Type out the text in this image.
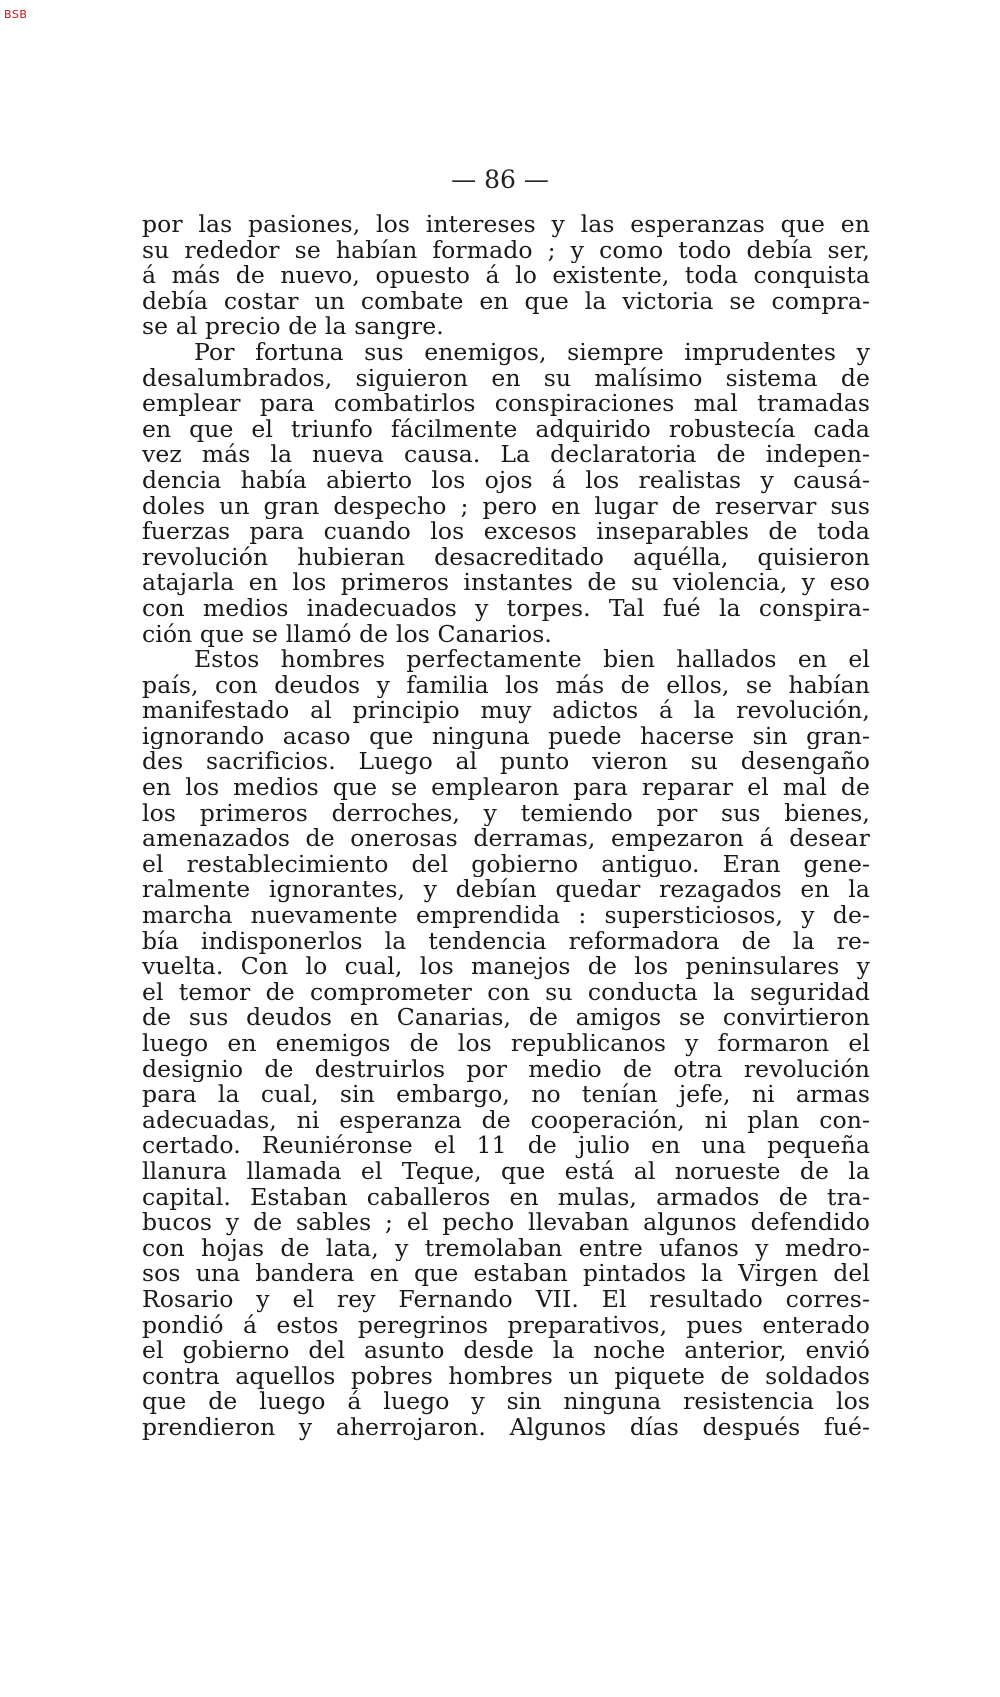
BSB
— 86 —
por las pasiones, los intereses y las esperanzas que en
su rededor se habían formado ; y como todo debía ser,
á más de nuevo, opuesto á lo existente, toda conquista
debía costar un combate en que la victoria se compra-
se al precio de la sangre.
Por fortuna sus enemigos, siempre imprudentes y
desalumbrados, siguieron en su malísimo sistema de
emplear para combatirlos conspiraciones mal tramadas
en que el triunfo fácilmente adquirido robustecía cada
vez más la nueva causa. La declaratoria de indepen-
dencia había abierto los ojos á los realistas y causá-
doles un gran despecho ; pero en lugar de reservar sus
fuerzas para cuando los excesos inseparables de toda
revolución hubieran desacreditado aquélla, quisieron
atajarla en los primeros instantes de su violencia, y eso
con medios inadecuados y torpes. Tal fué la conspira-
ción que se llamó de los Canarios.
Estos hombres perfectamente bien hallados en el
país, con deudos y familia los más de ellos, se habían
manifestado al principio muy adictos á la revolución,
ignorando acaso que ninguna puede hacerse sin gran-
des sacrificios. Luego al punto vieron su desengaño
en los medios que se emplearon para reparar el mal de
los primeros derroches, y temiendo por sus bienes,
amenazados de onerosas derramas, empezaron á desear
el restablecimiento del gobierno antiguo. Eran gene-
ralmente ignorantes, y debían quedar rezagados en la
marcha nuevamente emprendida : supersticiosos, y de-
bía indisponerlos la tendencia reformadora de la re-
vuelta. Con lo cual, los manejos de los peninsulares y
el temor de comprometer con su conducta la seguridad
de sus deudos en Canarias, de amigos se convirtieron
luego en enemigos de los republicanos y formaron el
designio de destruirlos por medio de otra revolución
para la cual, sin embargo, no tenían jefe, ni armas
adecuadas, ni esperanza de cooperación, ni plan con-
certado. Reuniéronse el 11 de julio en una pequeña
llanura llamada el Teque, que está al norueste de la
capital. Estaban caballeros en mulas, armados de tra-
bucos y de sables ; el pecho llevaban algunos defendido
con hojas de lata, y tremolaban entre ufanos y medro-
sos una bandera en que estaban pintados la Virgen del
Rosario y el rey Fernando VII. El resultado corres-
pondió á estos peregrinos preparativos, pues enterado
el gobierno del asunto desde la noche anterior, envió
contra aquellos pobres hombres un piquete de soldados
que de luego á luego y sin ninguna resistencia los
prendieron y aherrojaron. Algunos días después fué-
